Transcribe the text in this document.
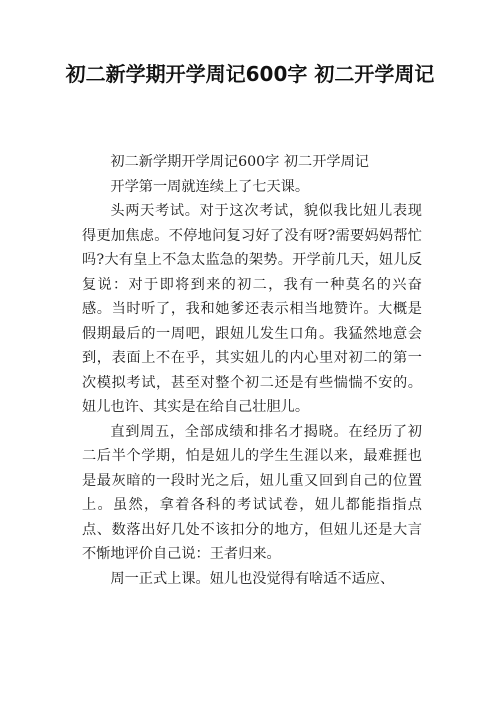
初二新学期开学周记600字 初二开学周记

初二新学期开学周记600字 初二开学周记

开学第一周就连续上了七天课。

头两天考试。对于这次考试，貌似我比妞儿表现得更加焦虑。不停地问复习好了没有呀?需要妈妈帮忙吗?大有皇上不急太监急的架势。开学前几天，妞儿反复说：对于即将到来的初二，我有一种莫名的兴奋感。当时听了，我和她爹还表示相当地赞许。大概是假期最后的一周吧，跟妞儿发生口角。我猛然地意会到，表面上不在乎，其实妞儿的内心里对初二的第一次模拟考试，甚至对整个初二还是有些惴惴不安的。妞儿也许、其实是在给自己壮胆儿。

直到周五，全部成绩和排名才揭晓。在经历了初二后半个学期，怕是妞儿的学生生涯以来，最难捱也是最灰暗的一段时光之后，妞儿重又回到自己的位置上。虽然，拿着各科的考试试卷，妞儿都能指指点点、数落出好几处不该扣分的地方，但妞儿还是大言不惭地评价自己说：王者归来。

周一正式上课。妞儿也没觉得有啥适不适应、
